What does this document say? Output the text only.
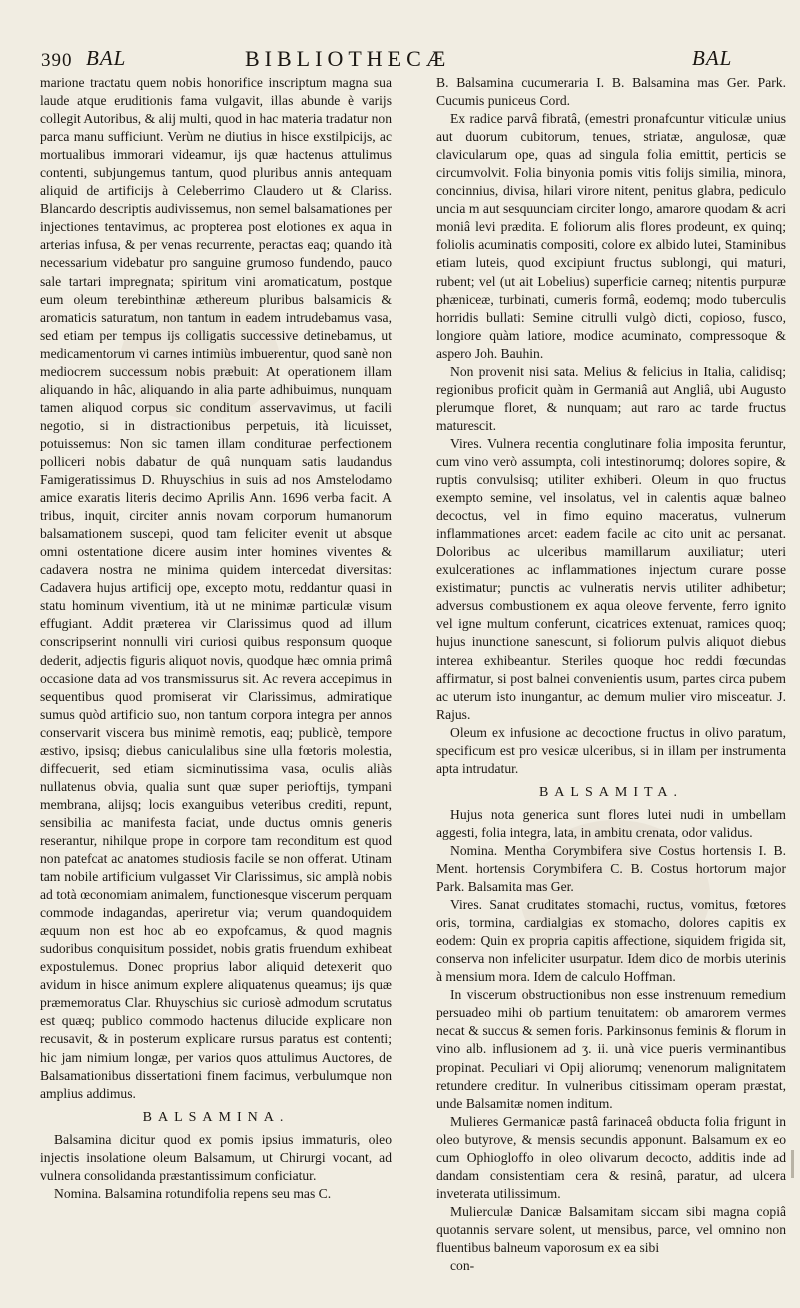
390 BAL	BIBLIOTHECÆ	BAL

marione tractatu quem nobis honorifice inscriptum magna sua laude atque eruditionis fama vulgavit, illas abunde è varijs collegit Autoribus, & alij multi, quod in hac materia tradatur non parca manu sufficiunt. Verùm ne diutius in hisce exstilpicijs, ac mortualibus immorari videamur, ijs quæ hactenus attulimus contenti, subjungemus tantum, quod pluribus annis antequam aliquid de artificijs à Celeberrimo Claudero ut & Clariss. Blancardo descriptis audivissemus, non semel balsamationes per injectiones tentavimus, ac propterea post elotiones ex aqua in arterias infusa, & per venas recurrente, peractas eaq; quando ità necessarium videbatur pro sanguine grumoso fundendo, pauco sale tartari impregnata; spiritum vini aromaticatum, postque eum oleum terebinthinæ æthereum pluribus balsamicis & aromaticis saturatum, non tantum in eadem intrudebamus vasa, sed etiam per tempus ijs colligatis successive detinebamus, ut medicamentorum vi carnes intimiùs imbuerentur, quod sanè non mediocrem successum nobis præbuit: At operationem illam aliquando in hâc, aliquando in alia parte adhibuimus, nunquam tamen aliquod corpus sic conditum asservavimus, ut facili negotio, si in distractionibus perpetuis, ità licuisset, potuissemus: Non sic tamen illam conditurae perfectionem polliceri nobis dabatur de quâ nunquam satis laudandus Famigeratissimus D. Rhuyschius in suis ad nos Amstelodamo amice exaratis literis decimo Aprilis Ann. 1696 verba facit. A tribus, inquit, circiter annis novam corporum humanorum balsamationem suscepi, quod tam feliciter evenit ut absque omni ostentatione dicere ausim inter homines viventes & cadavera nostra ne minima quidem intercedat diversitas: Cadavera hujus artificij ope, excepto motu, reddantur quasi in statu hominum viventium, ità ut ne minimæ particulæ visum effugiant. Addit præterea vir Clarissimus quod ad illum conscripserint nonnulli viri curiosi quibus responsum quoque dederit, adjectis figuris aliquot novis, quodque hæc omnia primâ occasione data ad vos transmissurus sit. Ac revera accepimus in sequentibus quod promiserat vir Clarissimus, admiratique sumus quòd artificio suo, non tantum corpora integra per annos conservarit viscera bus minimè remotis, eaq; publicè, tempore æstivo, ipsisq; diebus caniculalibus sine ulla fœtoris molestia, diffecuerit, sed etiam sicminutissima vasa, oculis aliàs nullatenus obvia, qualia sunt quæ super perioftijs, tympani membrana, alijsq; locis exanguibus veteribus crediti, repunt, sensibilia ac manifesta faciat, unde ductus omnis generis reserantur, nihilque prope in corpore tam reconditum est quod non patefcat ac anatomes studiosis facile se non offerat. Utinam tam nobile artificium vulgasset Vir Clarissimus, sic amplà nobis ad totà œconomiam animalem, functionesque viscerum perquam commode indagandas, aperiretur via; verum quandoquidem æquum non est hoc ab eo expofcamus, & quod magnis sudoribus conquisitum possidet, nobis gratis fruendum exhibeat expostulemus. Donec proprius labor aliquid detexerit quo avidum in hisce animum explere aliquatenus queamus; ijs quæ præmemoratus Clar. Rhuyschius sic curiosè admodum scrutatus est quæq; publico commodo hactenus dilucide explicare non recusavit, & in posterum explicare rursus paratus est contenti; hic jam nimium longæ, per varios quos attulimus Auctores, de Balsamationibus dissertationi finem facimus, verbulumque non amplius addimus.

BALSAMINA.

Balsamina dicitur quod ex pomis ipsius immaturis, oleo injectis insolatione oleum Balsamum, ut Chirurgi vocant, ad vulnera consolidanda præstantissimum conficiatur.

Nomina. Balsamina rotundifolia repens seu mas C.

B. Balsamina cucumeraria I. B. Balsamina mas Ger. Park. Cucumis puniceus Cord.

Ex radice parvâ fibratâ, (emestri pronafcuntur viticulæ unius aut duorum cubitorum, tenues, striatæ, angulosæ, quæ clavicularum ope, quas ad singula folia emittit, perticis se circumvolvit. Folia binyonia pomis vitis folijs similia, minora, concinnius, divisa, hilari virore nitent, penitus glabra, pediculo uncia m aut sesquunciam circiter longo, amarore quodam & acri moniâ levi prædita. E foliorum alis flores prodeunt, ex quinq; foliolis acuminatis compositi, colore ex albido lutei, Staminibus etiam luteis, quod excipiunt fructus sublongi, qui maturi, rubent; vel (ut ait Lobelius) superficie carneq; nitentis purpuræ phæniceæ, turbinati, cumeris formâ, eodemq; modo tuberculis horridis bullati: Semine citrulli vulgò dicti, copioso, fusco, longiore quàm latiore, modice acuminato, compressoque & aspero Joh. Bauhin.

Non provenit nisi sata. Melius & felicius in Italia, calidisq; regionibus proficit quàm in Germaniâ aut Angliâ, ubi Augusto plerumque floret, & nunquam; aut raro ac tarde fructus maturescit.

Vires. Vulnera recentia conglutinare folia imposita feruntur, cum vino verò assumpta, coli intestinorumq; dolores sopire, & ruptis convulsisq; utiliter exhiberi. Oleum in quo fructus exempto semine, vel insolatus, vel in calentis aquæ balneo decoctus, vel in fimo equino maceratus, vulnerum inflammationes arcet: eadem facile ac cito unit ac persanat. Doloribus ac ulceribus mamillarum auxiliatur; uteri exulcerationes ac inflammationes injectum curare posse existimatur; punctis ac vulneratis nervis utiliter adhibetur; adversus combustionem ex aqua oleove fervente, ferro ignito vel igne multum conferunt, cicatrices extenuat, ramices quoq; hujus inunctione sanescunt, si foliorum pulvis aliquot diebus interea exhibeantur. Steriles quoque hoc reddi fœcundas affirmatur, si post balnei convenientis usum, partes circa pubem ac uterum isto inungantur, ac demum mulier viro misceatur. J. Rajus.

Oleum ex infusione ac decoctione fructus in olivo paratum, specificum est pro vesicæ ulceribus, si in illam per instrumenta apta intrudatur.

BALSAMITA.

Hujus nota generica sunt flores lutei nudi in umbellam aggesti, folia integra, lata, in ambitu crenata, odor validus.

Nomina. Mentha Corymbifera sive Costus hortensis I. B. Ment. hortensis Corymbifera C. B. Costus hortorum major Park. Balsamita mas Ger.

Vires. Sanat cruditates stomachi, ructus, vomitus, fœtores oris, tormina, cardialgias ex stomacho, dolores capitis ex eodem: Quin ex propria capitis affectione, siquidem frigida sit, conserva non infeliciter usurpatur. Idem dico de morbis uterinis à mensium mora. Idem de calculo Hoffman.

In viscerum obstructionibus non esse instrenuum remedium persuadeo mihi ob partium tenuitatem: ob amarorem vermes necat & succus & semen foris. Parkinsonus feminis & florum in vino alb. influsionem ad ʒ. ii. unà vice pueris verminantibus propinat. Peculiari vi Opij aliorumq; venenorum malignitatem retundere creditur. In vulneribus citissimam operam præstat, unde Balsamitæ nomen inditum.

Mulieres Germanicæ pastâ farinaceâ obducta folia frigunt in oleo butyrove, & mensis secundis apponunt. Balsamum ex eo cum Ophiogloffo in oleo olivarum decocto, additis inde ad dandam consistentiam cera & resinâ, paratur, ad ulcera inveterata utilissimum.

Mulierculæ Danicæ Balsamitam siccam sibi magna copiâ quotannis servare solent, ut mensibus, parce, vel omnino non fluentibus balneum vaporosum ex ea sibi

con-
